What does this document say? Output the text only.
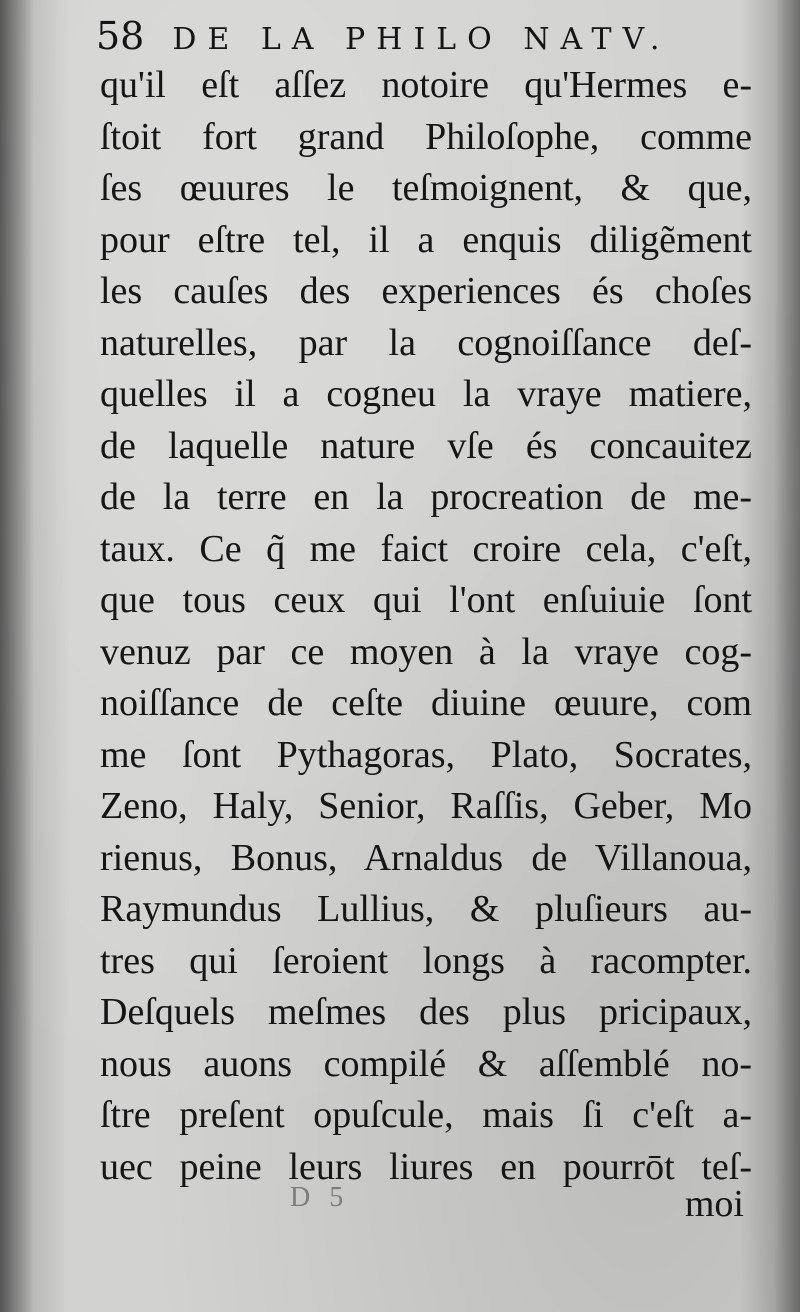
58 DE LA PHILO NATV.
qu'il eſt aſſez notoire qu'Hermes e-
ſtoit fort grand Philoſophe, comme
ſes œuures le teſmoignent, & que,
pour eſtre tel, il a enquis diligẽment
les cauſes des experiences és choſes
naturelles, par la cognoiſſance deſ-
quelles il a cogneu la vraye matiere,
de laquelle nature vſe és concauitez
de la terre en la procreation de me-
taux. Ce q̃ me faict croire cela, c'eſt,
que tous ceux qui l'ont enſuiuie ſont
venuz par ce moyen à la vraye cog-
noiſſance de ceſte diuine œuure, com
me ſont Pythagoras, Plato, Socrates,
Zeno, Haly, Senior, Raſſis, Geber, Mo
rienus, Bonus, Arnaldus de Villanoua,
Raymundus Lullius, & pluſieurs au-
tres qui ſeroient longs à racompter.
Deſquels meſmes des plus pricipaux,
nous auons compilé & aſſemblé no-
ſtre preſent opuſcule, mais ſi c'eſt a-
uec peine leurs liures en pourrōt teſ-
D 5	moi
